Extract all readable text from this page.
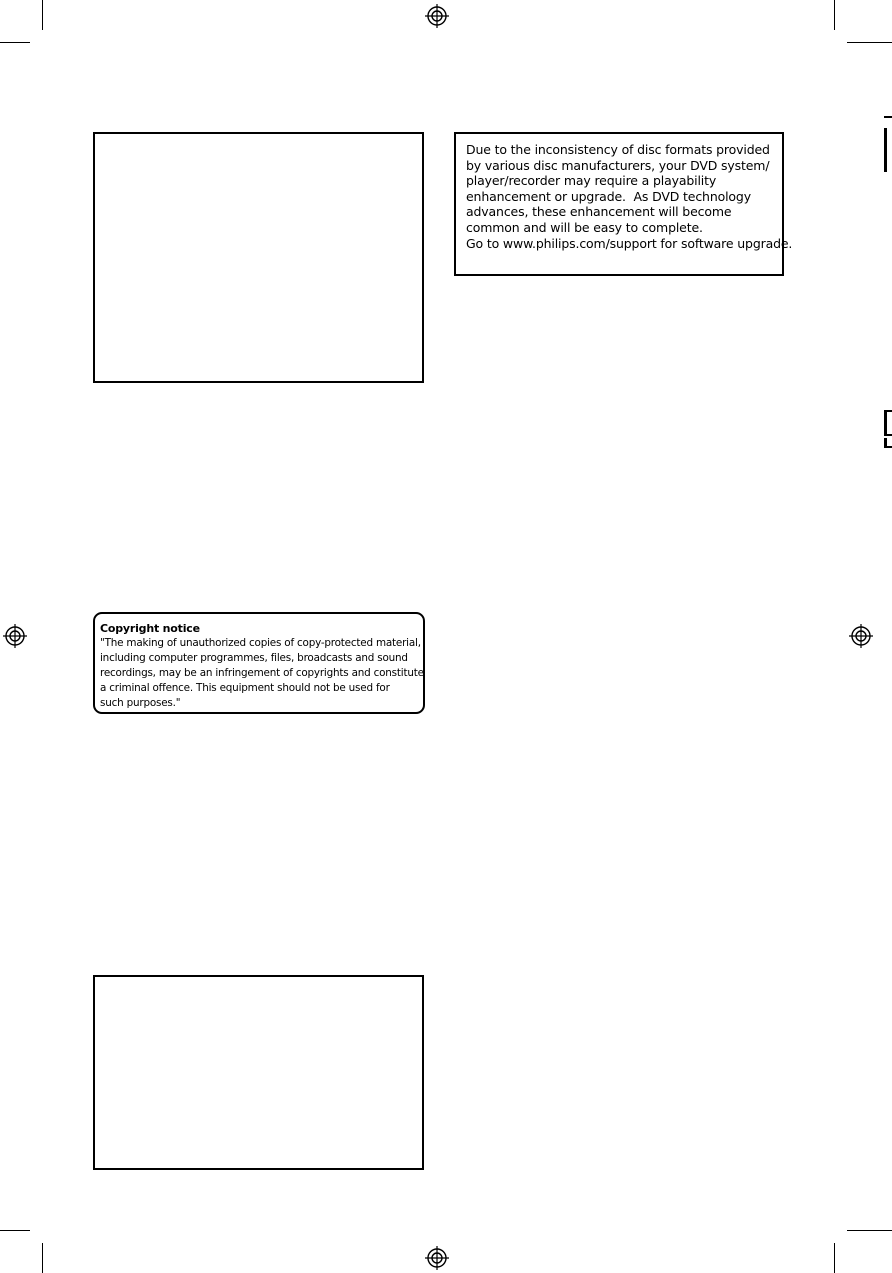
Due to the inconsistency of disc formats provided
by various disc manufacturers, your DVD system/
player/recorder may require a playability
enhancement or upgrade.  As DVD technology
advances, these enhancement will become
common and will be easy to complete.
Go to www.philips.com/support for software upgrade.
Copyright notice
"The making of unauthorized copies of copy-protected material,
including computer programmes, files, broadcasts and sound
recordings, may be an infringement of copyrights and constitute
a criminal offence. This equipment should not be used for
such purposes."
